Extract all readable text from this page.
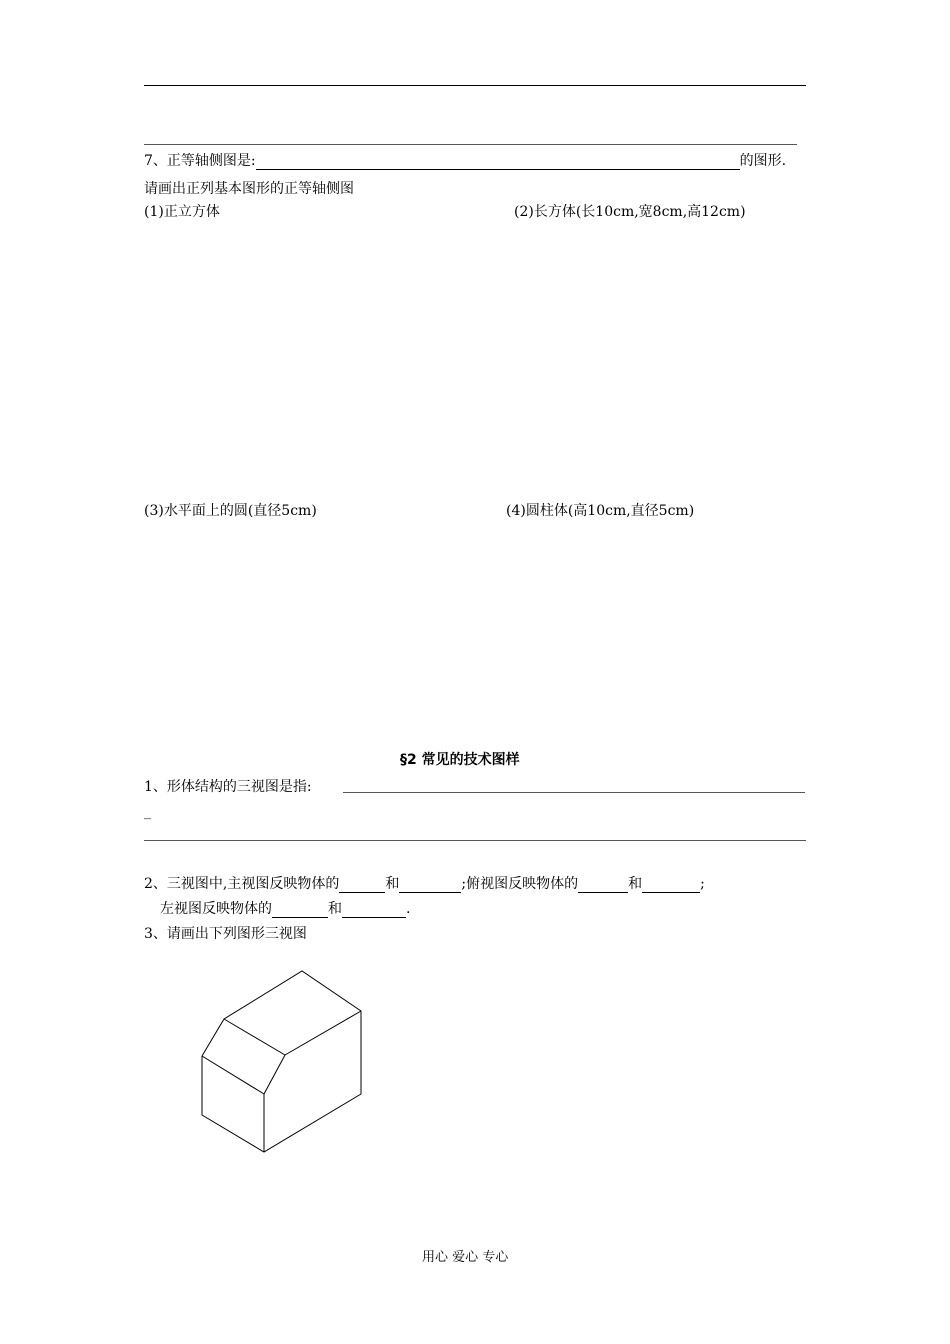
7、正等轴侧图是:	的图形.
请画出正列基本图形的正等轴侧图
(1)正立方体	(2)长方体(长10cm,宽8cm,高12cm)
(3)水平面上的圆(直径5cm)	(4)圆柱体(高10cm,直径5cm)
§2 常见的技术图样
1、形体结构的三视图是指:
_
2、三视图中,主视图反映物体的	和	;俯视图反映物体的	和	;
左视图反映物体的	和	.
3、请画出下列图形三视图
用心 爱心 专心
